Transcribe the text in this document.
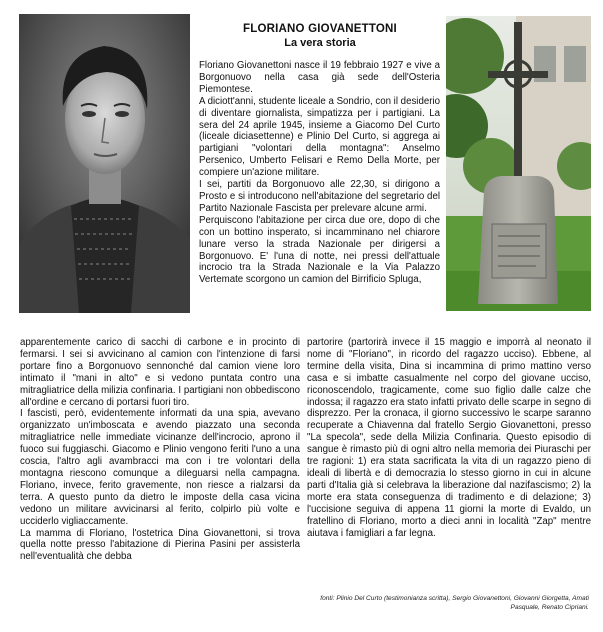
FLORIANO GIOVANETTONI
La vera storia

Floriano Giovanettoni nasce il 19 febbraio 1927 e vive a Borgonuovo nella casa già sede dell'Osteria Piemontese.

A diciott'anni, studente liceale a Sondrio, con il desiderio di diventare giornalista, simpatizza per i partigiani. La sera del 24 aprile 1945, insieme a Giacomo Del Curto (liceale diciasettenne) e Plinio Del Curto, si aggrega ai partigiani "volontari della montagna": Anselmo Persenico, Umberto Felisari e Remo Della Morte, per compiere un'azione militare.

I sei, partiti da Borgonuovo alle 22,30, si dirigono a Prosto e si introducono nell'abitazione del segretario del Partito Nazionale Fascista per prelevare alcune armi.

Perquiscono l'abitazione per circa due ore, dopo di che con un bottino insperato, si incamminano nel chiarore lunare verso la strada Nazionale per dirigersi a Borgonuovo. E' l'una di notte, nei pressi dell'attuale incrocio tra la Strada Nazionale e la Via Palazzo Vertemate scorgono un camion del Birrificio Spluga,

apparentemente carico di sacchi di carbone e in procinto di fermarsi. I sei si avvicinano al camion con l'intenzione di farsi portare fino a Borgonuovo sennonché dal camion viene loro intimato il "mani in alto" e si vedono puntata contro una mitragliatrice della milizia confinaria. I partigiani non obbediscono all'ordine e cercano di portarsi fuori tiro.

I fascisti, però, evidentemente informati da una spia, avevano organizzato un'imboscata e avendo piazzato una seconda mitragliatrice nelle immediate vicinanze dell'incrocio, aprono il fuoco sui fuggiaschi. Giacomo e Plinio vengono feriti l'uno a una coscia, l'altro agli avambracci ma con i tre volontari della montagna riescono comunque a dileguarsi nella campagna. Floriano, invece, ferito gravemente, non riesce a rialzarsi da terra. A questo punto da dietro le imposte della casa vicina vedono un militare avvicinarsi al ferito, colpirlo più volte e ucciderlo vigliaccamente.

La mamma di Floriano, l'ostetrica Dina Giovanettoni, si trova quella notte presso l'abitazione di Pierina Pasini per assisterla nell'eventualità che debba

partorire (partorirà invece il 15 maggio e imporrà al neonato il nome di "Floriano", in ricordo del ragazzo ucciso). Ebbene, al termine della visita, Dina si incammina di primo mattino verso casa e si imbatte casualmente nel corpo del giovane ucciso, riconoscendolo, tragicamente, come suo figlio dalle calze che indossa; il ragazzo era stato infatti privato delle scarpe in segno di disprezzo. Per la cronaca, il giorno successivo le scarpe saranno recuperate a Chiavenna dal fratello Sergio Giovanettoni, presso "La specola", sede della Milizia Confinaria. Questo episodio di sangue è rimasto più di ogni altro nella memoria dei Piuraschi per tre ragioni: 1) era stata sacrificata la vita di un ragazzo pieno di ideali di libertà e di democrazia lo stesso giorno in cui in alcune parti d'Italia già si celebrava la liberazione dal nazifascismo; 2) la morte era stata conseguenza di tradimento e di delazione; 3) l'uccisione seguiva di appena 11 giorni la morte di Evaldo, un fratellino di Floriano, morto a dieci anni in località "Zap" mentre aiutava i famigliari a far legna.

fonti: Plinio Del Curto (testimonianza scritta), Sergio Giovanettoni, Giovanni Giorgetta, Amati Pasquale, Renato Cipriani.
